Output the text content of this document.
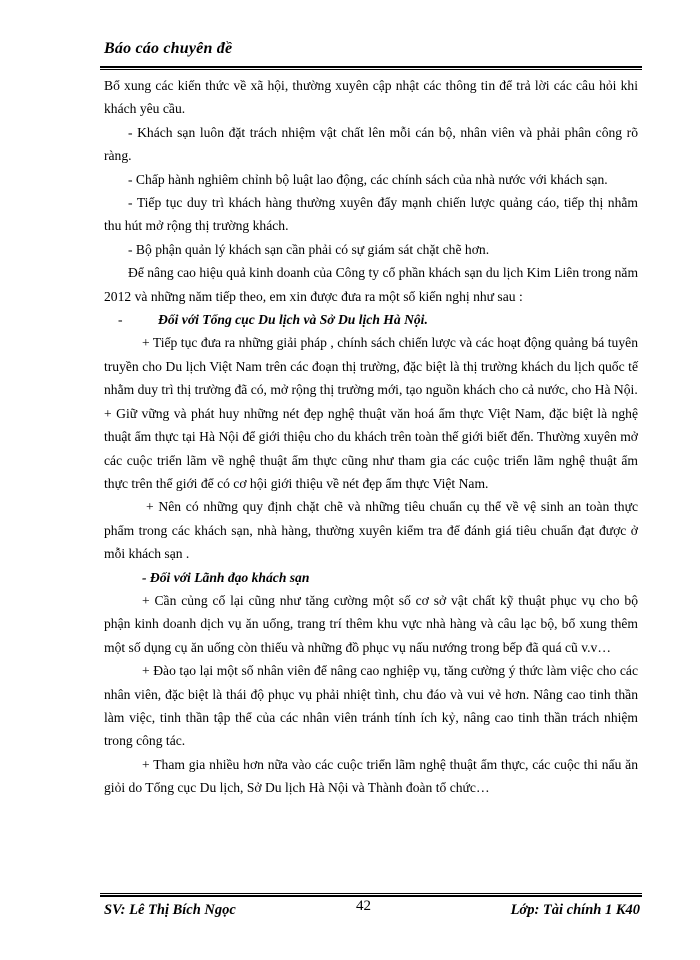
Báo cáo chuyên đề

Bổ xung các kiến thức về xã hội, thường xuyên cập nhật các thông tin để trả lời các câu hỏi khi khách yêu cầu.

- Khách sạn luôn đặt trách nhiệm vật chất lên mỗi cán bộ, nhân viên và phải phân công rõ ràng.

- Chấp hành nghiêm chỉnh bộ luật lao động, các chính sách của nhà nước với khách sạn.

- Tiếp tục duy trì khách hàng thường xuyên đẩy mạnh chiến lược quảng cáo, tiếp thị nhằm thu hút mở rộng thị trường khách.

- Bộ phận quản lý khách sạn cần phải có sự giám sát chặt chẽ hơn.

Để nâng cao hiệu quả kinh doanh của Công ty cổ phần khách sạn du lịch Kim Liên trong năm 2012 và những năm tiếp theo, em xin được đưa ra một số kiến nghị như sau :

-	Đối với Tổng cục Du lịch và Sở Du lịch Hà Nội.

+ Tiếp tục đưa ra những giải pháp , chính sách chiến lược và các hoạt động quảng bá tuyên truyền cho Du lịch Việt Nam trên các đoạn thị trường, đặc biệt là thị trường khách du lịch quốc tế nhằm duy trì thị trường đã có, mở rộng thị trường mới, tạo nguồn khách cho cả nước, cho Hà Nội.

+ Giữ vững và phát huy những nét đẹp nghệ thuật văn hoá ẩm thực Việt Nam, đặc biệt là nghệ thuật ẩm thực tại Hà Nội để giới thiệu cho du khách trên toàn thế giới biết đến. Thường xuyên mở các cuộc triển lãm về nghệ thuật ẩm thực cũng như tham gia các cuộc triển lãm nghệ thuật ẩm thực trên thế giới để có cơ hội giới thiệu về nét đẹp ẩm thực Việt Nam.

+ Nên có những quy định chặt chẽ và những tiêu chuẩn cụ thể về vệ sinh an toàn thực phẩm trong các khách sạn, nhà hàng, thường xuyên kiểm tra để đánh giá tiêu chuẩn đạt được ở mỗi khách sạn .

- Đối với Lãnh đạo khách sạn

+ Cần củng cố lại cũng như tăng cường một số cơ sở vật chất kỹ thuật phục vụ cho bộ phận kinh doanh dịch vụ ăn uống, trang trí thêm khu vực nhà hàng và câu lạc bộ, bổ xung thêm một số dụng cụ ăn uống còn thiếu và những đồ phục vụ nấu nướng trong bếp đã quá cũ v.v…

+ Đào tạo lại một số nhân viên để nâng cao nghiệp vụ, tăng cường ý thức làm việc cho các nhân viên, đặc biệt là thái độ phục vụ phải nhiệt tình, chu đáo và vui vẻ hơn. Nâng cao tinh thần làm việc, tinh thần tập thể của các nhân viên tránh tính ích kỷ, nâng cao tinh thần trách nhiệm trong công tác.

+ Tham gia nhiều hơn nữa vào các cuộc triển lãm nghệ thuật ẩm thực, các cuộc thi nấu ăn giỏi do Tổng cục Du lịch, Sở Du lịch Hà Nội và Thành đoàn tổ chức…

SV: Lê Thị Bích Ngọc	42	Lớp: Tài chính 1 K40
